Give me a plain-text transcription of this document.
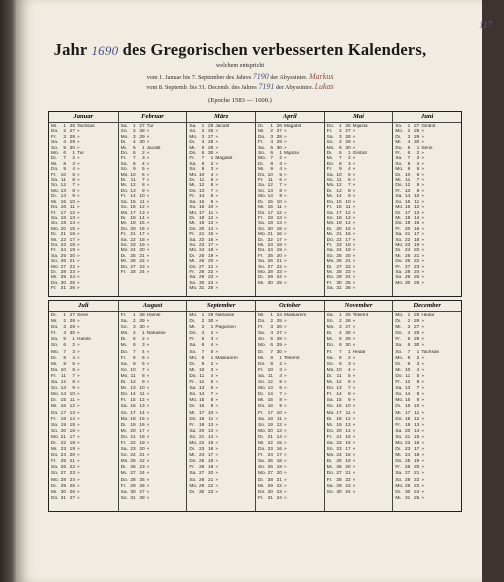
117
Jahr 1690 des Gregorischen verbesserten Kalenders,
welchem entspricht
vom 1. Januar bis 7. September des Jahres 7190 der Abyssinier. Markus
vom 8. Septemb. bis 31. Decemb. des Jahres 7191 der Abyssinier. Lukas
(Epoche 1583 — 1600.)
Januar
Mi. 1 26 Tachsas
Do. 2 27 »
Fr. 3 28 »
Sa. 4 29 »
So. 5 30 »
Mo. 6 1 Tur
Di. 7 2 »
Mi. 8 3 »
Do. 9 4 »
Fr. 10 5 »
Sa. 11 6 »
So. 12 7 »
Mo. 13 8 »
Di. 14 9 »
Mi. 15 10 »
Do. 16 11 »
Fr. 17 12 »
Sa. 18 13 »
So. 19 14 »
Mo. 20 15 »
Di. 21 16 »
Mi. 22 17 »
Do. 23 18 »
Fr. 24 19 »
Sa. 25 20 »
So. 26 21 »
Mo. 27 22 »
Di. 28 23 »
Mi. 29 24 »
Do. 30 25 »
Fr. 31 26 »
Februar
Sa. 1 27 Tur
So. 2 28 »
Mo. 3 29 »
Di. 4 30 »
Mi. 5 1 Jacatit
Do. 6 2 »
Fr. 7 3 »
Sa. 8 4 »
So. 9 5 »
Mo. 10 6 »
Di. 11 7 »
Mi. 12 8 »
Do. 13 9 »
Fr. 14 10 »
Sa. 15 11 »
So. 16 12 »
Mo. 17 13 »
Di. 18 14 »
Mi. 19 15 »
Do. 20 16 »
Fr. 21 17 »
Sa. 22 18 »
So. 23 19 »
Mo. 24 20 »
Di. 25 21 »
Mi. 26 22 »
Do. 27 23 »
Fr. 28 24 »
März
Sa. 1 25 Jacatit
So. 2 26 »
Mo. 3 27 »
Di. 4 28 »
Mi. 5 29 »
Do. 6 30 »
Fr. 7 1 Magabit
Sa. 8 2 »
So. 9 3 »
Mo. 10 4 »
Di. 11 5 »
Mi. 12 6 »
Do. 13 7 »
Fr. 14 8 »
Sa. 15 9 »
So. 16 10 »
Mo. 17 11 »
Di. 18 12 »
Mi. 19 13 »
Do. 20 14 »
Fr. 21 15 »
Sa. 22 16 »
So. 23 17 »
Mo. 24 18 »
Di. 25 19 »
Mi. 26 20 »
Do. 27 21 »
Fr. 28 22 »
Sa. 29 23 »
So. 30 24 »
Mo. 31 25 »
April
Di. 1 26 Magabit
Mi. 2 27 »
Do. 3 28 »
Fr. 4 29 »
Sa. 5 30 »
So. 6 1 Mijazia
Mo. 7 2 »
Di. 8 3 »
Mi. 9 4 »
Do. 10 5 »
Fr. 11 6 »
Sa. 12 7 »
So. 13 8 »
Mo. 14 9 »
Di. 15 10 »
Mi. 16 11 »
Do. 17 12 »
Fr. 18 13 »
Sa. 19 14 »
So. 20 15 »
Mo. 21 16 »
Di. 22 17 »
Mi. 23 18 »
Do. 24 19 »
Fr. 25 20 »
Sa. 26 21 »
So. 27 22 »
Mo. 28 23 »
Di. 29 24 »
Mi. 30 25 »
Mai
Do. 1 26 Mijazia
Fr. 2 27 »
Sa. 3 28 »
So. 4 29 »
Mo. 5 30 »
Di. 6 1 Ginbot
Mi. 7 2 »
Do. 8 3 »
Fr. 9 4 »
Sa. 10 5 »
So. 11 6 »
Mo. 12 7 »
Di. 13 8 »
Mi. 14 9 »
Do. 15 10 »
Fr. 16 11 »
Sa. 17 12 »
So. 18 13 »
Mo. 19 14 »
Di. 20 15 »
Mi. 21 16 »
Do. 22 17 »
Fr. 23 18 »
Sa. 24 19 »
So. 25 20 »
Mo. 26 21 »
Di. 27 22 »
Mi. 28 23 »
Do. 29 24 »
Fr. 30 25 »
Sa. 31 26 »
Juni
So. 1 27 Ginbot
Mo. 2 28 »
Di. 3 29 »
Mi. 4 30 »
Do. 5 1 Sene
Fr. 6 2 »
Sa. 7 3 »
So. 8 4 »
Mo. 9 5 »
Di. 10 6 »
Mi. 11 7 »
Do. 12 8 »
Fr. 13 9 »
Sa. 14 10 »
So. 15 11 »
Mo. 16 12 »
Di. 17 13 »
Mi. 18 14 »
Do. 19 15 »
Fr. 20 16 »
Sa. 21 17 »
So. 22 18 »
Mo. 23 19 »
Di. 24 20 »
Mi. 25 21 »
Do. 26 22 »
Fr. 27 23 »
Sa. 28 24 »
So. 29 25 »
Mo. 30 26 »
Juli
Di. 1 27 Sene
Mi. 2 28 »
Do. 3 29 »
Fr. 4 30 »
Sa. 5 1 Hamle
So. 6 2 »
Mo. 7 3 »
Di. 8 4 »
Mi. 9 5 »
Do. 10 6 »
Fr. 11 7 »
Sa. 12 8 »
So. 13 9 »
Mo. 14 10 »
Di. 15 11 »
Mi. 16 12 »
Do. 17 13 »
Fr. 18 14 »
Sa. 19 15 »
So. 20 16 »
Mo. 21 17 »
Di. 22 18 »
Mi. 23 19 »
Do. 24 20 »
Fr. 25 21 »
Sa. 26 22 »
So. 27 23 »
Mo. 28 24 »
Di. 29 25 »
Mi. 30 26 »
Do. 31 27 »
August
Fr. 1 28 Hamle
Sa. 2 29 »
So. 3 30 »
Mo. 4 1 Nahasse
Di. 5 2 »
Mi. 6 3 »
Do. 7 4 »
Fr. 8 5 »
Sa. 9 6 »
So. 10 7 »
Mo. 11 8 »
Di. 12 9 »
Mi. 13 10 »
Do. 14 11 »
Fr. 15 12 »
Sa. 16 13 »
So. 17 14 »
Mo. 18 15 »
Di. 19 16 »
Mi. 20 17 »
Do. 21 18 »
Fr. 22 19 »
Sa. 23 20 »
So. 24 21 »
Mo. 25 22 »
Di. 26 23 »
Mi. 27 24 »
Do. 28 25 »
Fr. 29 26 »
Sa. 30 27 »
So. 31 28 »
September
Mo. 1 29 Nahasse
Di. 2 30 »
Mi. 3 1 Pagumen
Do. 4 2 »
Fr. 5 3 »
Sa. 6 4 »
So. 7 5 »
Mo. 8 1 Maskarem
Di. 9 2 »
Mi. 10 3 »
Do. 11 4 »
Fr. 12 5 »
Sa. 13 6 »
So. 14 7 »
Mo. 15 8 »
Di. 16 9 »
Mi. 17 10 »
Do. 18 11 »
Fr. 19 12 »
Sa. 20 13 »
So. 21 14 »
Mo. 22 15 »
Di. 23 16 »
Mi. 24 17 »
Do. 25 18 »
Fr. 26 19 »
Sa. 27 20 »
So. 28 21 »
Mo. 29 22 »
Di. 30 23 »
October
Mi. 1 24 Maskarem
Do. 2 25 »
Fr. 3 26 »
Sa. 4 27 »
So. 5 28 »
Mo. 6 29 »
Di. 7 30 »
Mi. 8 1 Tekemt
Do. 9 2 »
Fr. 10 3 »
Sa. 11 4 »
So. 12 5 »
Mo. 13 6 »
Di. 14 7 »
Mi. 15 8 »
Do. 16 9 »
Fr. 17 10 »
Sa. 18 11 »
So. 19 12 »
Mo. 20 13 »
Di. 21 14 »
Mi. 22 15 »
Do. 23 16 »
Fr. 24 17 »
Sa. 25 18 »
So. 26 19 »
Mo. 27 20 »
Di. 28 21 »
Mi. 29 22 »
Do. 30 23 »
Fr. 31 24 »
November
Sa. 1 25 Tekemt
So. 2 26 »
Mo. 3 27 »
Di. 4 28 »
Mi. 5 29 »
Do. 6 30 »
Fr. 7 1 Hedar
Sa. 8 2 »
So. 9 3 »
Mo. 10 4 »
Di. 11 5 »
Mi. 12 6 »
Do. 13 7 »
Fr. 14 8 »
Sa. 15 9 »
So. 16 10 »
Mo. 17 11 »
Di. 18 12 »
Mi. 19 13 »
Do. 20 14 »
Fr. 21 15 »
Sa. 22 16 »
So. 23 17 »
Mo. 24 18 »
Di. 25 19 »
Mi. 26 20 »
Do. 27 21 »
Fr. 28 22 »
Sa. 29 23 »
So. 30 24 »
December
Mo. 1 25 Hedar
Di. 2 26 »
Mi. 3 27 »
Do. 4 28 »
Fr. 5 29 »
Sa. 6 30 »
So. 7 1 Tachsas
Mo. 8 2 »
Di. 9 3 »
Mi. 10 4 »
Do. 11 5 »
Fr. 12 6 »
Sa. 13 7 »
So. 14 8 »
Mo. 15 9 »
Di. 16 10 »
Mi. 17 11 »
Do. 18 12 »
Fr. 19 13 »
Sa. 20 14 »
So. 21 15 »
Mo. 22 16 »
Di. 23 17 »
Mi. 24 18 »
Do. 25 19 »
Fr. 26 20 »
Sa. 27 21 »
So. 28 22 »
Mo. 29 23 »
Di. 30 24 »
Mi. 31 25 »
